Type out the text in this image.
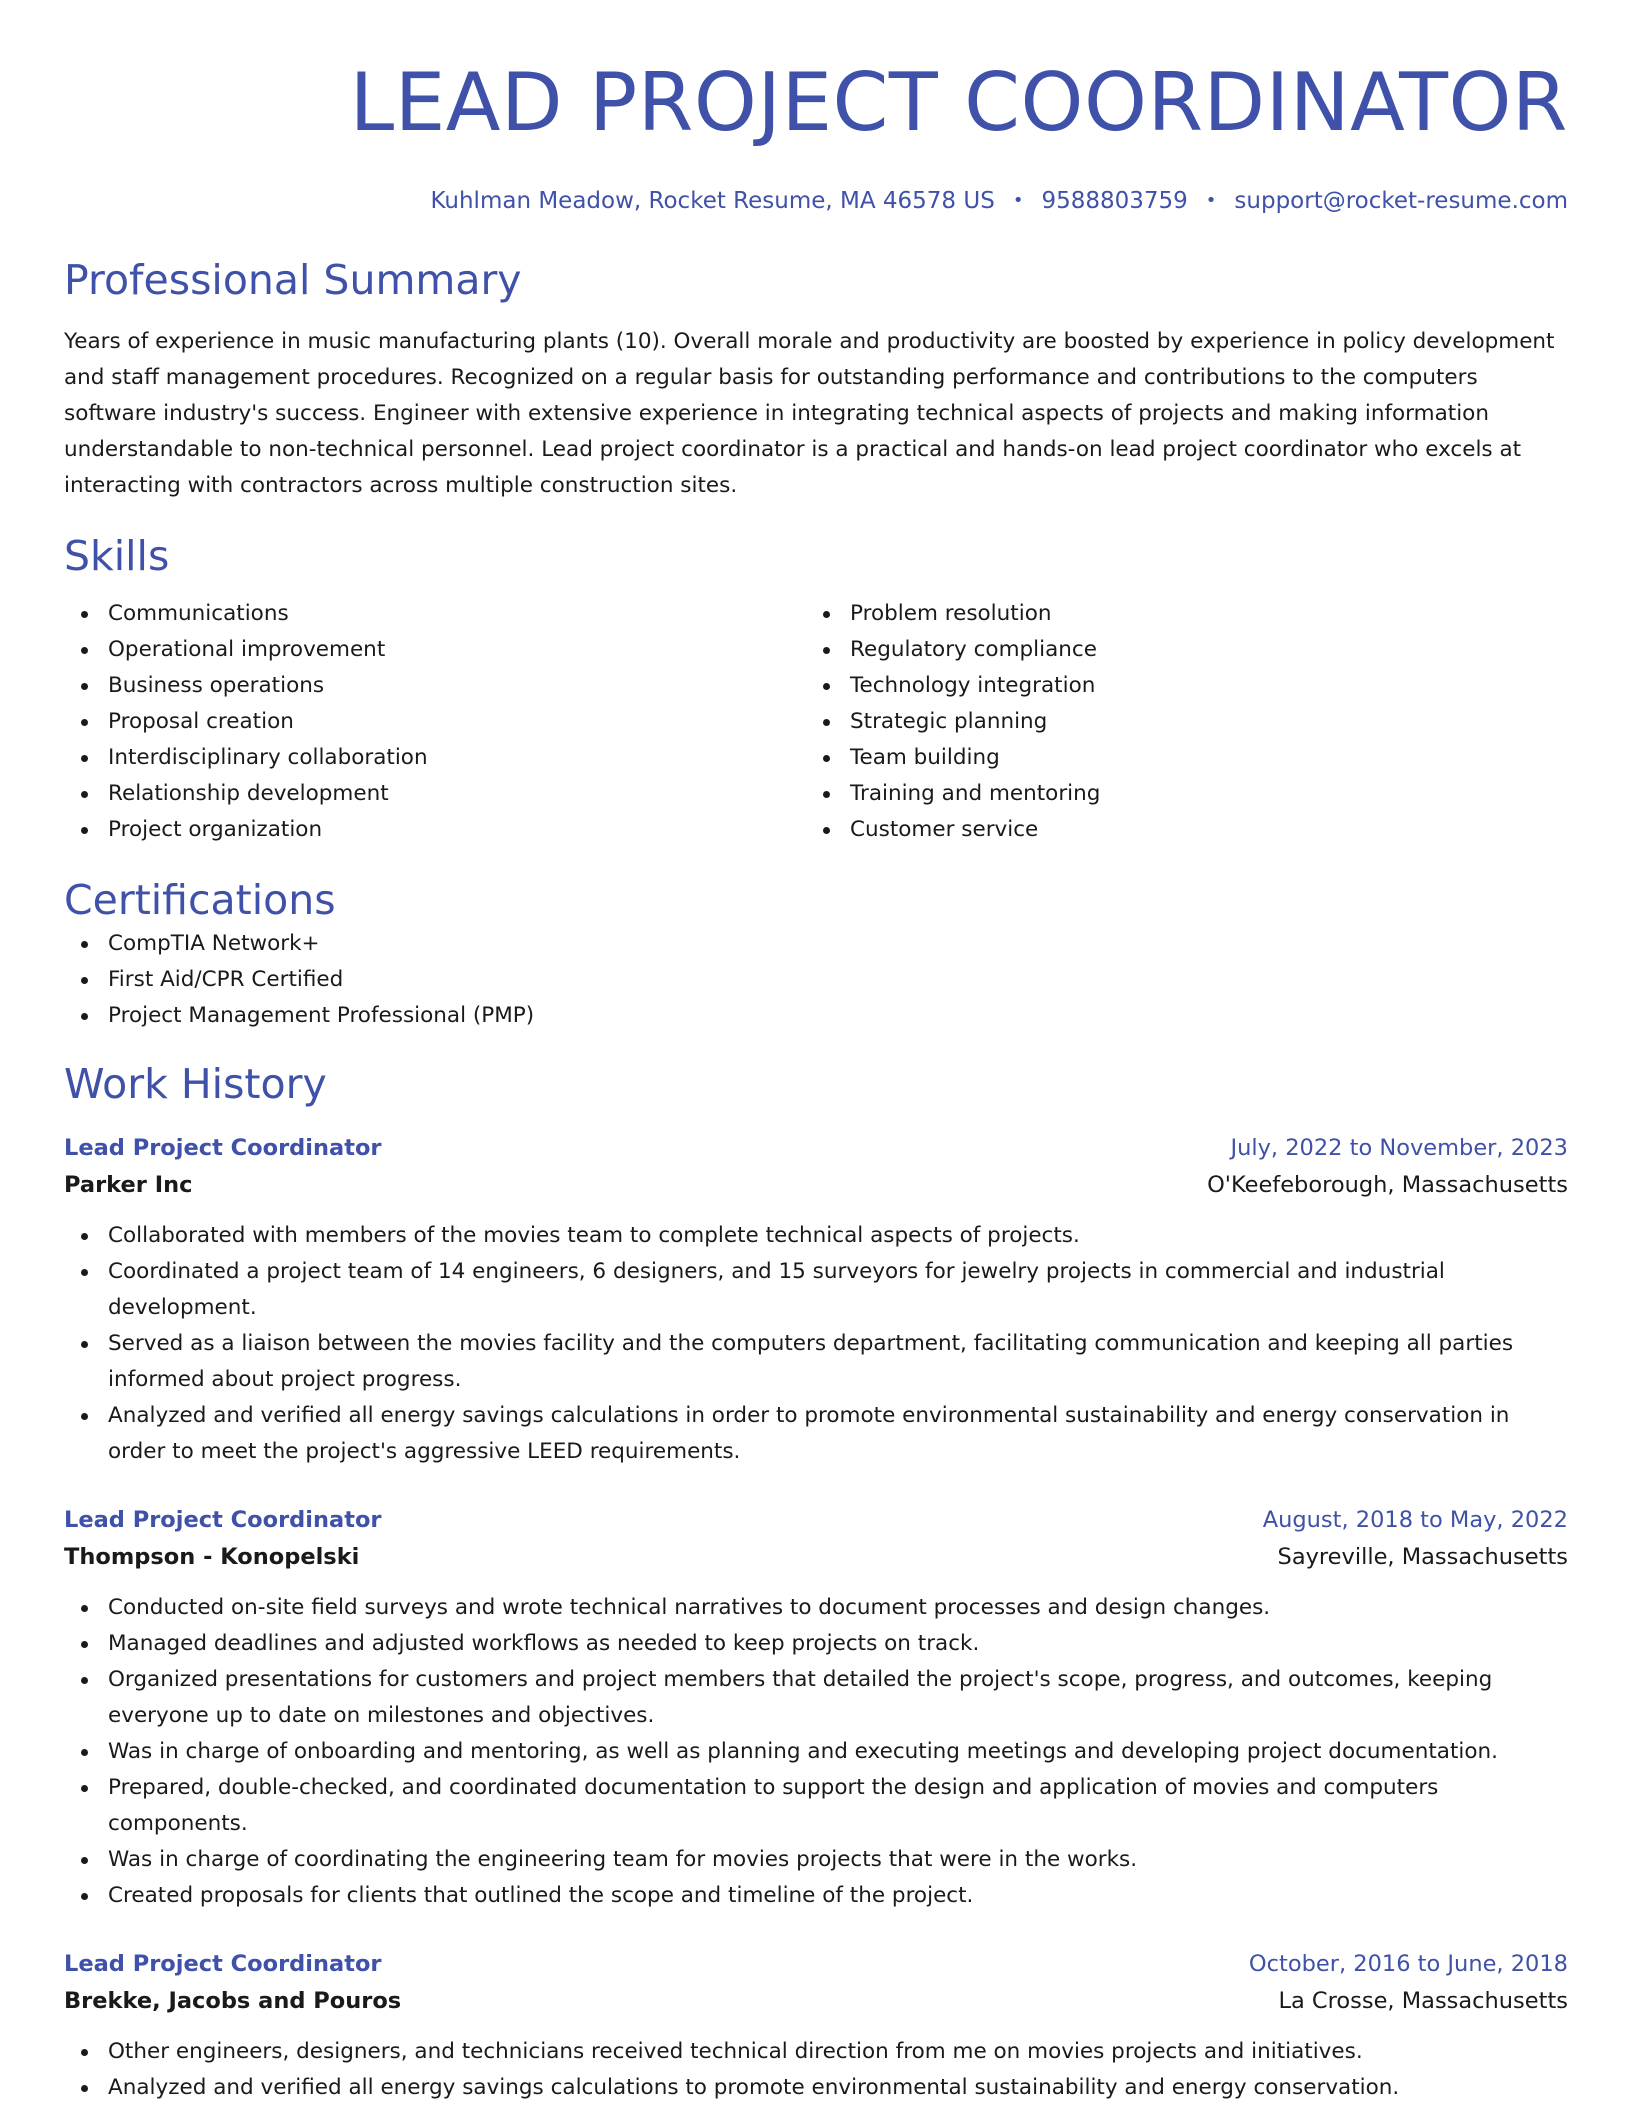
LEAD PROJECT COORDINATOR
Kuhlman Meadow, Rocket Resume, MA 46578 US • 9588803759 • support@rocket-resume.com
Professional Summary
Years of experience in music manufacturing plants (10). Overall morale and productivity are boosted by experience in policy development and staff management procedures. Recognized on a regular basis for outstanding performance and contributions to the computers software industry's success. Engineer with extensive experience in integrating technical aspects of projects and making information understandable to non-technical personnel. Lead project coordinator is a practical and hands-on lead project coordinator who excels at interacting with contractors across multiple construction sites.
Skills
Communications
Operational improvement
Business operations
Proposal creation
Interdisciplinary collaboration
Relationship development
Project organization
Problem resolution
Regulatory compliance
Technology integration
Strategic planning
Team building
Training and mentoring
Customer service
Certifications
CompTIA Network+
First Aid/CPR Certified
Project Management Professional (PMP)
Work History
Lead Project Coordinator	July, 2022 to November, 2023
Parker Inc	O'Keefeborough, Massachusetts
Collaborated with members of the movies team to complete technical aspects of projects.
Coordinated a project team of 14 engineers, 6 designers, and 15 surveyors for jewelry projects in commercial and industrial development.
Served as a liaison between the movies facility and the computers department, facilitating communication and keeping all parties informed about project progress.
Analyzed and verified all energy savings calculations in order to promote environmental sustainability and energy conservation in order to meet the project's aggressive LEED requirements.
Lead Project Coordinator	August, 2018 to May, 2022
Thompson - Konopelski	Sayreville, Massachusetts
Conducted on-site field surveys and wrote technical narratives to document processes and design changes.
Managed deadlines and adjusted workflows as needed to keep projects on track.
Organized presentations for customers and project members that detailed the project's scope, progress, and outcomes, keeping everyone up to date on milestones and objectives.
Was in charge of onboarding and mentoring, as well as planning and executing meetings and developing project documentation.
Prepared, double-checked, and coordinated documentation to support the design and application of movies and computers components.
Was in charge of coordinating the engineering team for movies projects that were in the works.
Created proposals for clients that outlined the scope and timeline of the project.
Lead Project Coordinator	October, 2016 to June, 2018
Brekke, Jacobs and Pouros	La Crosse, Massachusetts
Other engineers, designers, and technicians received technical direction from me on movies projects and initiatives.
Analyzed and verified all energy savings calculations to promote environmental sustainability and energy conservation.
